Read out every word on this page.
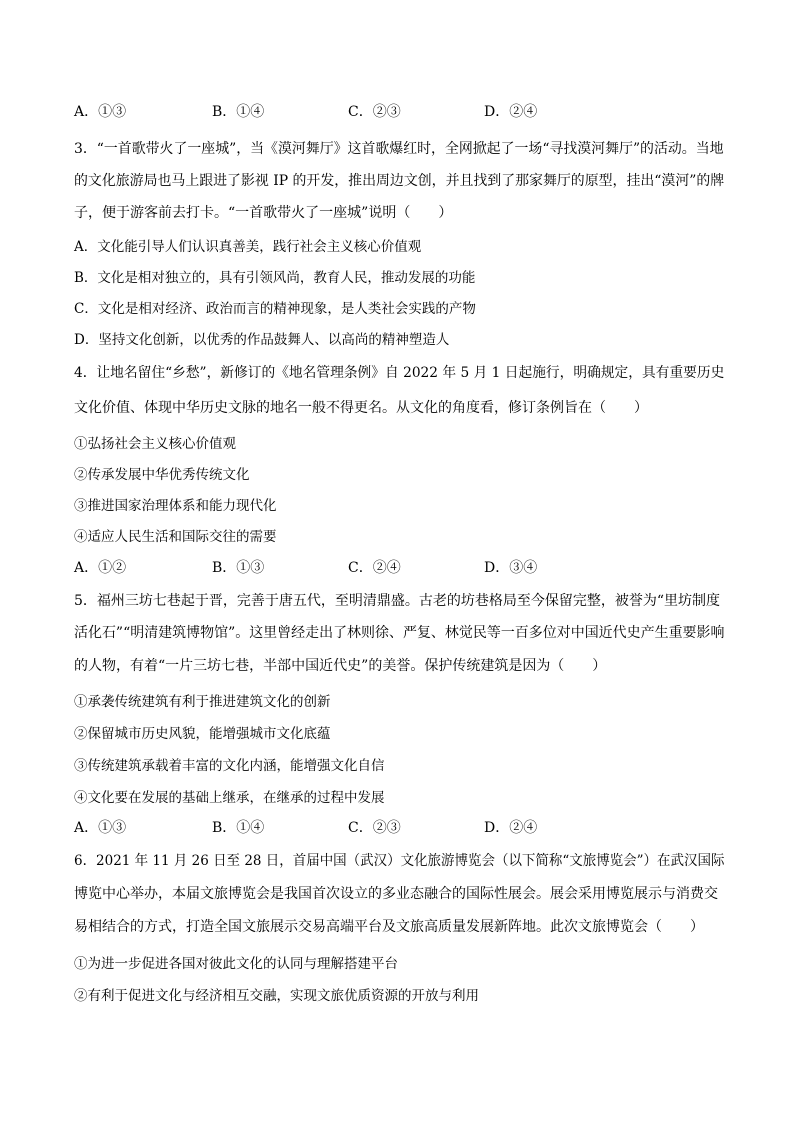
A．①③	B．①④	C．②③	D．②④
3．“一首歌带火了一座城”，当《漠河舞厅》这首歌爆红时，全网掀起了一场“寻找漠河舞厅”的活动。当地
的文化旅游局也马上跟进了影视 IP 的开发，推出周边文创，并且找到了那家舞厅的原型，挂出“漠河”的牌
子，便于游客前去打卡。“一首歌带火了一座城”说明（　　）
A．文化能引导人们认识真善美，践行社会主义核心价值观
B．文化是相对独立的，具有引领风尚，教育人民，推动发展的功能
C．文化是相对经济、政治而言的精神现象，是人类社会实践的产物
D．坚持文化创新，以优秀的作品鼓舞人、以高尚的精神塑造人
4．让地名留住“乡愁”，新修订的《地名管理条例》自 2022 年 5 月 1 日起施行，明确规定，具有重要历史
文化价值、体现中华历史文脉的地名一般不得更名。从文化的角度看，修订条例旨在（　　）
①弘扬社会主义核心价值观
②传承发展中华优秀传统文化
③推进国家治理体系和能力现代化
④适应人民生活和国际交往的需要
A．①②	B．①③	C．②④	D．③④
5．福州三坊七巷起于晋，完善于唐五代，至明清鼎盛。古老的坊巷格局至今保留完整，被誉为“里坊制度
活化石”“明清建筑博物馆”。这里曾经走出了林则徐、严复、林觉民等一百多位对中国近代史产生重要影响
的人物，有着“一片三坊七巷，半部中国近代史”的美誉。保护传统建筑是因为（　　）
①承袭传统建筑有利于推进建筑文化的创新
②保留城市历史风貌，能增强城市文化底蕴
③传统建筑承载着丰富的文化内涵，能增强文化自信
④文化要在发展的基础上继承，在继承的过程中发展
A．①③	B．①④	C．②③	D．②④
6．2021 年 11 月 26 日至 28 日，首届中国（武汉）文化旅游博览会（以下简称“文旅博览会”）在武汉国际
博览中心举办，本届文旅博览会是我国首次设立的多业态融合的国际性展会。展会采用博览展示与消费交
易相结合的方式，打造全国文旅展示交易高端平台及文旅高质量发展新阵地。此次文旅博览会（　　）
①为进一步促进各国对彼此文化的认同与理解搭建平台
②有利于促进文化与经济相互交融，实现文旅优质资源的开放与利用
